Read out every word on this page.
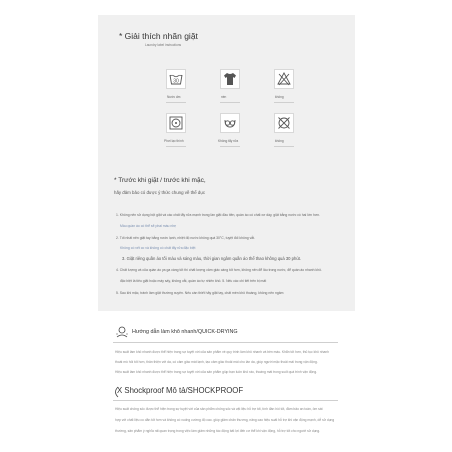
* Giải thích nhãn giặt
Laundry label instructions
30
Nước ấm	nền	không
Phơi lạc thính	Không tẩy rửa	không
* Trước khi giặt / trước khi mặc,
hãy đảm bảo có được ý thức chung về thể dục
1. Không nên sử dụng bột giặt và các chất tẩy rửa mạnh trong lần giặt đầu tiên, quần áo có chất xơ dày, giặt bằng nước có hai lớn hơn.
Màu quần áo có thể sẽ phai màu nhẹ
2. Tốt nhất nên giặt tay bằng nước lạnh, nhiệt độ nước không quá 30°C, tuyệt đối không vắt.
Không có vết co và không có chất tẩy rửa đặc biệt
3. Giặt riêng quần áo tối màu và sáng màu, thời gian ngâm quần áo thể thao không quá 30 phút.
4. Chất lượng và của quần áo ya ga càng tốt thì chất lượng cảm giác càng tốt hơn, không nên để lâu trong nước, để quần áo nhanh khô.
đặc biệt là tiêu giặt hoặc máy sấy, không vắt, quần áo tự nhiên khô. 5. Nếu các chi tiết trên bị mất
5. Sau khi mặc, tránh làm giặt thường xuyên. Nếu cần thiết hãy giặt tay, chất mền khô thoáng, không nên ngâm
Hướng dẫn làm khô nhanh/QUICK-DRYING
Hiệu suất làm khô nhanh được thể hiện trong sự tuyệt vời của sản phẩm về quy trình làm khô nhanh và bền màu. Khẩn tốt hơn, thủ tục khô nhanh
thoát mồ hôi tốt hơn, thân thiện với da, có cảm giác mát lạnh, tạo cảm giác thoải mái cho làn da, giúp người mặc thoải mái trong vận động.
Hiệu suất làm khô nhanh được thể hiện trong sự tuyệt vời của sản phẩm giúp bạn luôn khô ráo, thoáng mát trong suốt quá trình vận động.
X Shockproof Mô tả/SHOCKPROOF
Hiệu suất chống sốc được thể hiện trong sự tuyệt vời của sản phẩm chống sốc và vật liệu hỗ trợ tốt, tính đàn hồi tốt, đảm bảo an toàn, ôm sát
hợp với chất liệu co dãn tốt hơn và không có xuống cường độ cao. giúp giảm chấn thương, nâng cao hiệu suất hỗ trợ khi vận động mạnh, dễ sử dụng
thường, sản phẩm ý nghĩa rất quan trọng trong việc làm giảm những tác động bất lợi đến cơ thể khi vận động, hỗ trợ tốt cho người sử dụng.
